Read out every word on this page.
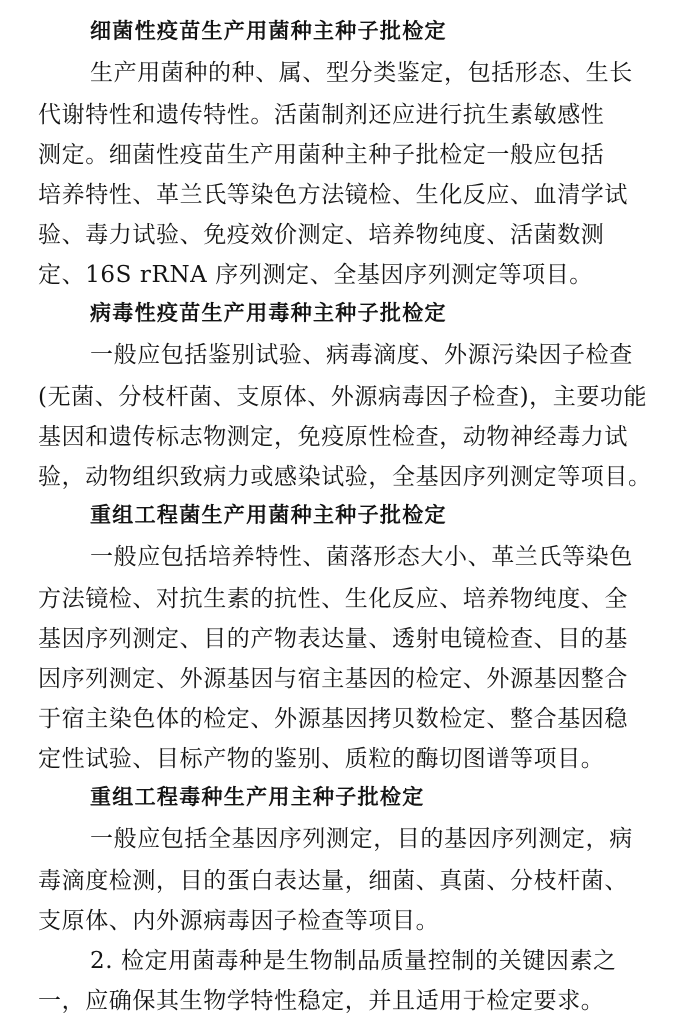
细菌性疫苗生产用菌种主种子批检定
生产用菌种的种、属、型分类鉴定，包括形态、生长
代谢特性和遗传特性。活菌制剂还应进行抗生素敏感性
测定。细菌性疫苗生产用菌种主种子批检定一般应包括
培养特性、革兰氏等染色方法镜检、生化反应、血清学试
验、毒力试验、免疫效价测定、培养物纯度、活菌数测
定、16S rRNA 序列测定、全基因序列测定等项目。
病毒性疫苗生产用毒种主种子批检定
一般应包括鉴别试验、病毒滴度、外源污染因子检查
(无菌、分枝杆菌、支原体、外源病毒因子检查)，主要功能
基因和遗传标志物测定，免疫原性检查，动物神经毒力试
验，动物组织致病力或感染试验，全基因序列测定等项目。
重组工程菌生产用菌种主种子批检定
一般应包括培养特性、菌落形态大小、革兰氏等染色
方法镜检、对抗生素的抗性、生化反应、培养物纯度、全
基因序列测定、目的产物表达量、透射电镜检查、目的基
因序列测定、外源基因与宿主基因的检定、外源基因整合
于宿主染色体的检定、外源基因拷贝数检定、整合基因稳
定性试验、目标产物的鉴别、质粒的酶切图谱等项目。
重组工程毒种生产用主种子批检定
一般应包括全基因序列测定，目的基因序列测定，病
毒滴度检测，目的蛋白表达量，细菌、真菌、分枝杆菌、
支原体、内外源病毒因子检查等项目。
2. 检定用菌毒种是生物制品质量控制的关键因素之
一，应确保其生物学特性稳定，并且适用于检定要求。
